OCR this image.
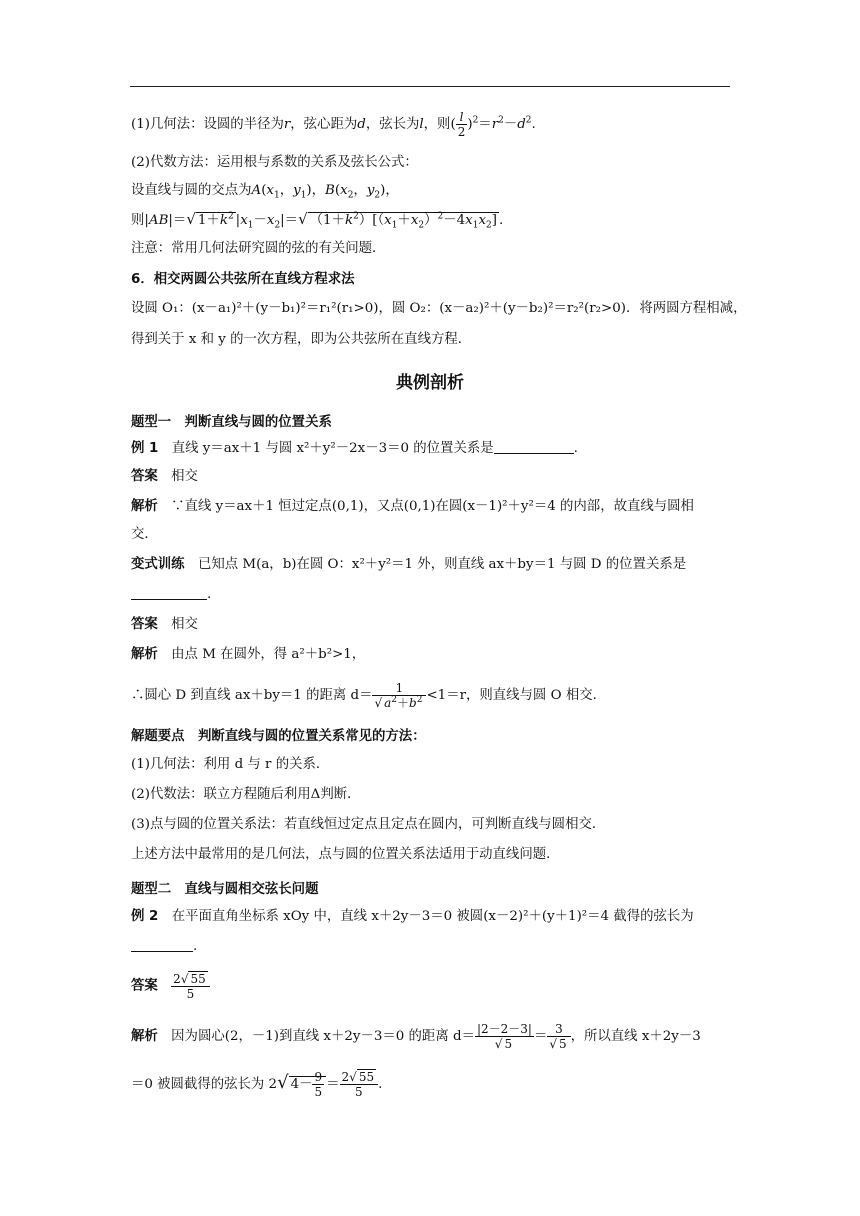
(1)几何法：设圆的半径为r，弦心距为d，弦长为l，则( $\frac{l}{2} )^2=r^2-d^2$.
(2)代数方法：运用根与系数的关系及弦长公式：
设直线与圆的交点为$A(x_1$，$y_1$)，$B(x_2$，$y_2$)，
则|AB|＝√ $1+k^2$ $|x_1-x_2|=√$ $(1+k^2)[(x_1+x_2)^2-4x_1x_2]$ .
注意：常用几何法研究圆的弦的有关问题．
6．相交两圆公共弦所在直线方程求法
设圆 O₁：(x－a₁)²＋(y－b₁)²＝r₁²(r₁>0)，圆 O₂：(x－a₂)²＋(y－b₂)²＝r₂²(r₂>0)．将两圆方程相减，
得到关于 x 和 y 的一次方程，即为公共弦所在直线方程．
典例剖析
题型一　判断直线与圆的位置关系
例 1　直线 y＝ax＋1 与圆 x²＋y²－2x－3＝0 的位置关系是	.
答案　相交
解析　∵直线 y＝ax＋1 恒过定点(0,1)，又点(0,1)在圆(x－1)²＋y²＝4 的内部，故直线与圆相
交．
变式训练　已知点 M(a，b)在圆 O：x²＋y²＝1 外，则直线 ax＋by＝1 与圆 D 的位置关系是
.
答案　相交
解析　由点 M 在圆外，得 a²＋b²>1，
∴圆心 D 到直线 ax＋by＝1 的距离 $d= \frac{1}{√ a^2+b^2} <1=r$，则直线与圆 O 相交．
解题要点　判断直线与圆的位置关系常见的方法：
(1)几何法：利用 d 与 r 的关系．
(2)代数法：联立方程随后利用Δ判断．
(3)点与圆的位置关系法：若直线恒过定点且定点在圆内，可判断直线与圆相交．
上述方法中最常用的是几何法，点与圆的位置关系法适用于动直线问题．
题型二　直线与圆相交弦长问题
例 2　在平面直角坐标系 xOy 中，直线 x＋2y－3＝0 被圆(x－2)²＋(y＋1)²＝4 截得的弦长为
.
答案　 $\frac{2√ 55}{5}$
解析　因为圆心(2，－1)到直线 x＋2y－3＝0 的距离 $d= \frac{|2-2-3|}{√ 5} = \frac{3}{√ 5}$ ，所以直线 x＋2y－3
＝0 被圆截得的弦长为 2√ $4- \frac{9}{5} = \frac{2√ 55}{5}$ .
